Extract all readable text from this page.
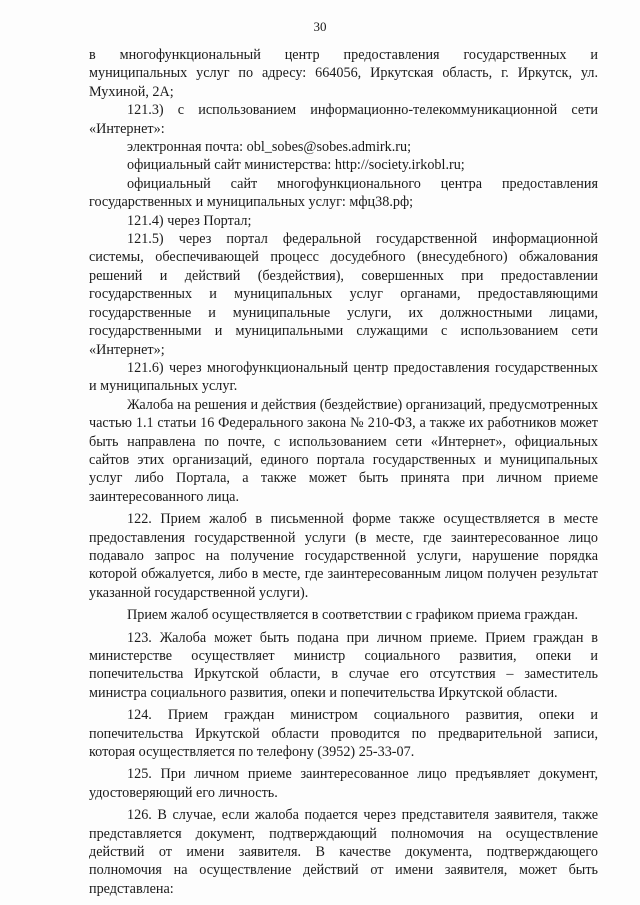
30

в многофункциональный центр предоставления государственных и муниципальных услуг по адресу: 664056, Иркутская область, г. Иркутск, ул. Мухиной, 2А;

121.3) с использованием информационно-телекоммуникационной сети «Интернет»:

электронная почта: obl_sobes@sobes.admirk.ru;

официальный сайт министерства: http://society.irkobl.ru;

официальный сайт многофункционального центра предоставления государственных и муниципальных услуг: мфц38.рф;

121.4) через Портал;

121.5) через портал федеральной государственной информационной системы, обеспечивающей процесс досудебного (внесудебного) обжалования решений и действий (бездействия), совершенных при предоставлении государственных и муниципальных услуг органами, предоставляющими государственные и муниципальные услуги, их должностными лицами, государственными и муниципальными служащими с использованием сети «Интернет»;

121.6) через многофункциональный центр предоставления государственных и муниципальных услуг.

Жалоба на решения и действия (бездействие) организаций, предусмотренных частью 1.1 статьи 16 Федерального закона № 210-ФЗ, а также их работников может быть направлена по почте, с использованием сети «Интернет», официальных сайтов этих организаций, единого портала государственных и муниципальных услуг либо Портала, а также может быть принята при личном приеме заинтересованного лица.

122. Прием жалоб в письменной форме также осуществляется в месте предоставления государственной услуги (в месте, где заинтересованное лицо подавало запрос на получение государственной услуги, нарушение порядка которой обжалуется, либо в месте, где заинтересованным лицом получен результат указанной государственной услуги).

Прием жалоб осуществляется в соответствии с графиком приема граждан.

123. Жалоба может быть подана при личном приеме. Прием граждан в министерстве осуществляет министр социального развития, опеки и попечительства Иркутской области, в случае его отсутствия – заместитель министра социального развития, опеки и попечительства Иркутской области.

124. Прием граждан министром социального развития, опеки и попечительства Иркутской области проводится по предварительной записи, которая осуществляется по телефону (3952) 25-33-07.

125. При личном приеме заинтересованное лицо предъявляет документ, удостоверяющий его личность.

126. В случае, если жалоба подается через представителя заявителя, также представляется документ, подтверждающий полномочия на осуществление действий от имени заявителя. В качестве документа, подтверждающего полномочия на осуществление действий от имени заявителя, может быть представлена:
